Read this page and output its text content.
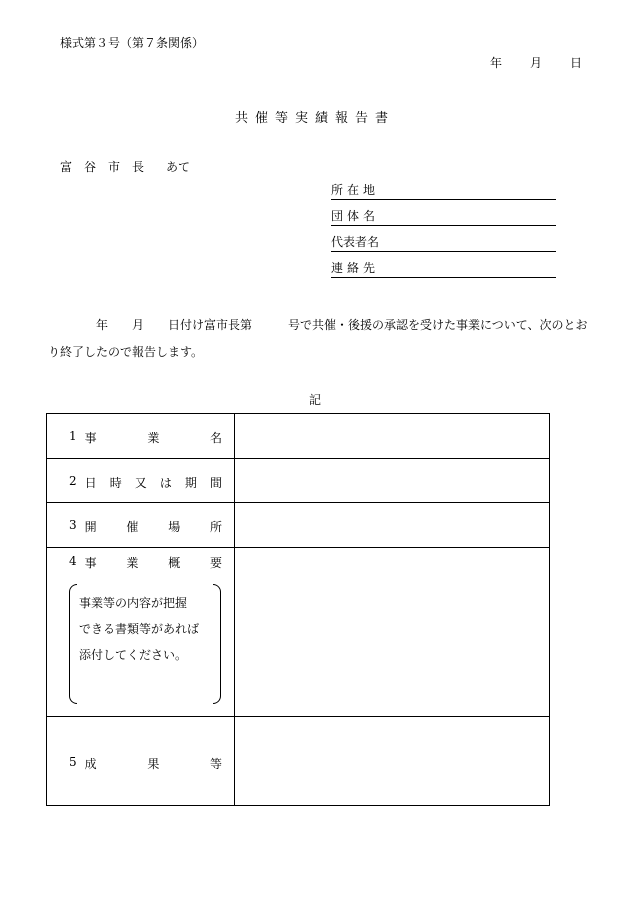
様式第３号（第７条関係）
年 月 日
共催等実績報告書
富谷市長 あて
所在地
団体名
代表者名
連絡先
年　　月　　日付け富市長第　　　号で共催・後援の承認を受けた事業について、次のとお
り終了したので報告します。
記
1 事	業	名
2 日 時 又 は 期 間
3 開 催 場 所
4 事 業 概 要
事業等の内容が把握
できる書類等があれば
添付してください。
5 成	果	等
